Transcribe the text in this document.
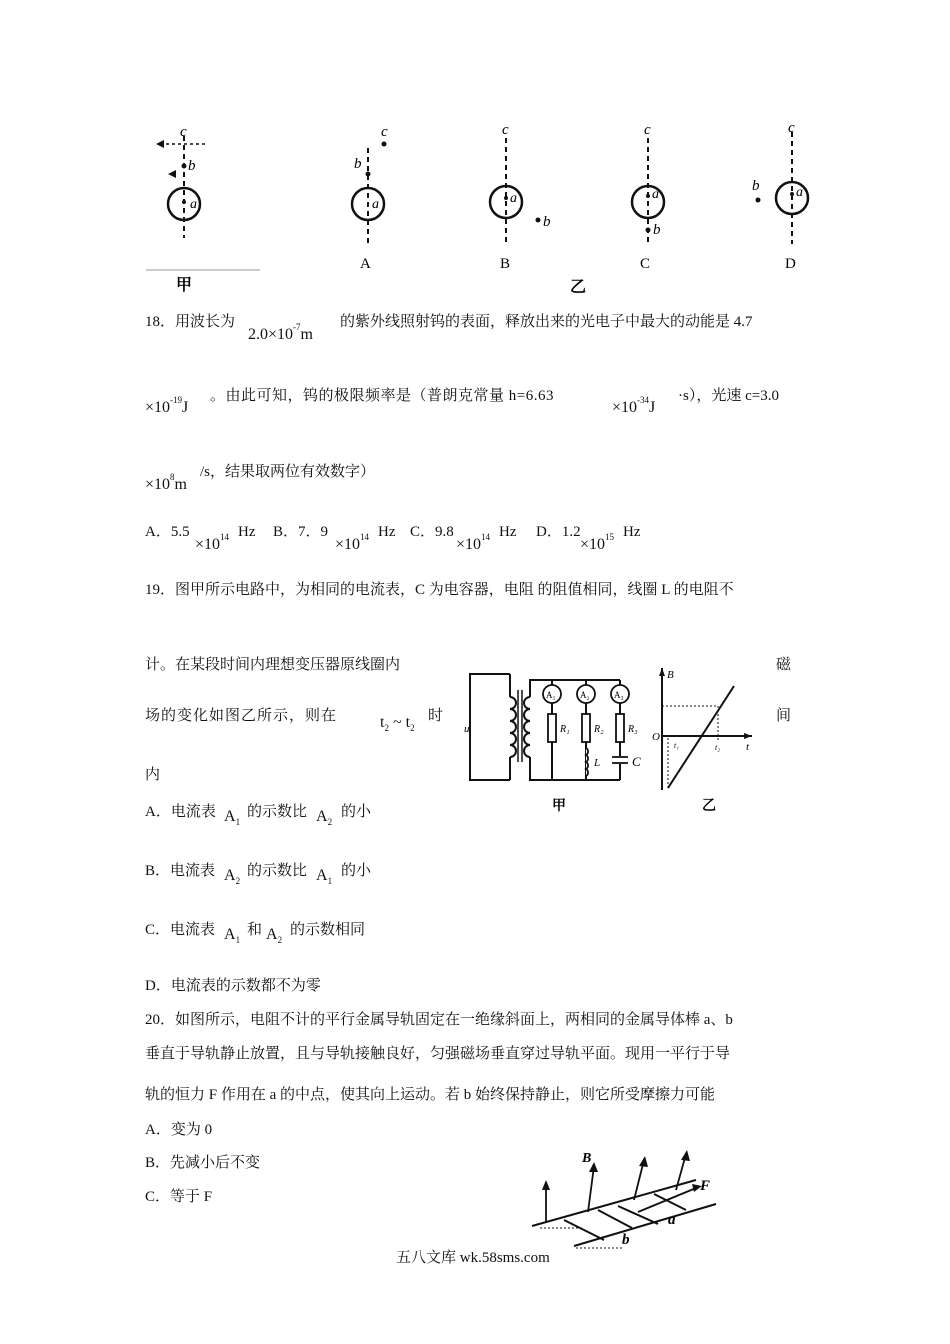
c
b
a
甲
c
b
a
A
c
b
a
B
c
b
a
C
c
b	a
D
乙
18．用波长为
$2.0\times 10^{-7}m$
的紫外线照射钨的表面，释放出来的光电子中最大的动能是 4.7
$\times 10^{-19}J$
。由此可知，钨的极限频率是（普朗克常量 h=6.63
$\times 10^{-34}J$
·s），光速 c=3.0
$\times 10^8m$
/s，结果取两位有效数字）
A．5.5
$\times 10^{14}$ Hz B．7．9
$\times 10^{14}$ Hz C．9.8
$\times 10^{14}$ Hz D．1.2
$\times 10^{15}$ Hz
19．图甲所示电路中，为相同的电流表，C 为电容器，电阻 的阻值相同，线圈 L 的电阻不
计。在某段时间内理想变压器原线圈内	磁
场的变化如图乙所示，则在	$t_2$ ~ $t_2$
时	间
内
A．电流表 $A_1$
的示数比 $A_2$
的小
B．电流表 $A_2$
的示数比 $A_1$
的小
C．电流表 $A_1$
和 $A_2$
的示数相同
D．电流表的示数都不为零
u
A₁	A₂	A₃
R₁ R₂ R₃
L C
甲
B
O
t
t₁	t₂
乙
20．如图所示，电阻不计的平行金属导轨固定在一绝缘斜面上，两相同的金属导体棒 a、b
垂直于导轨静止放置，且与导轨接触良好，匀强磁场垂直穿过导轨平面。现用一平行于导
轨的恒力 F 作用在 a 的中点，使其向上运动。若 b 始终保持静止，则它所受摩擦力可能
A．变为 0
B．先减小后不变
C．等于 F
B
F
a
b
五八文库 wk.58sms.com
